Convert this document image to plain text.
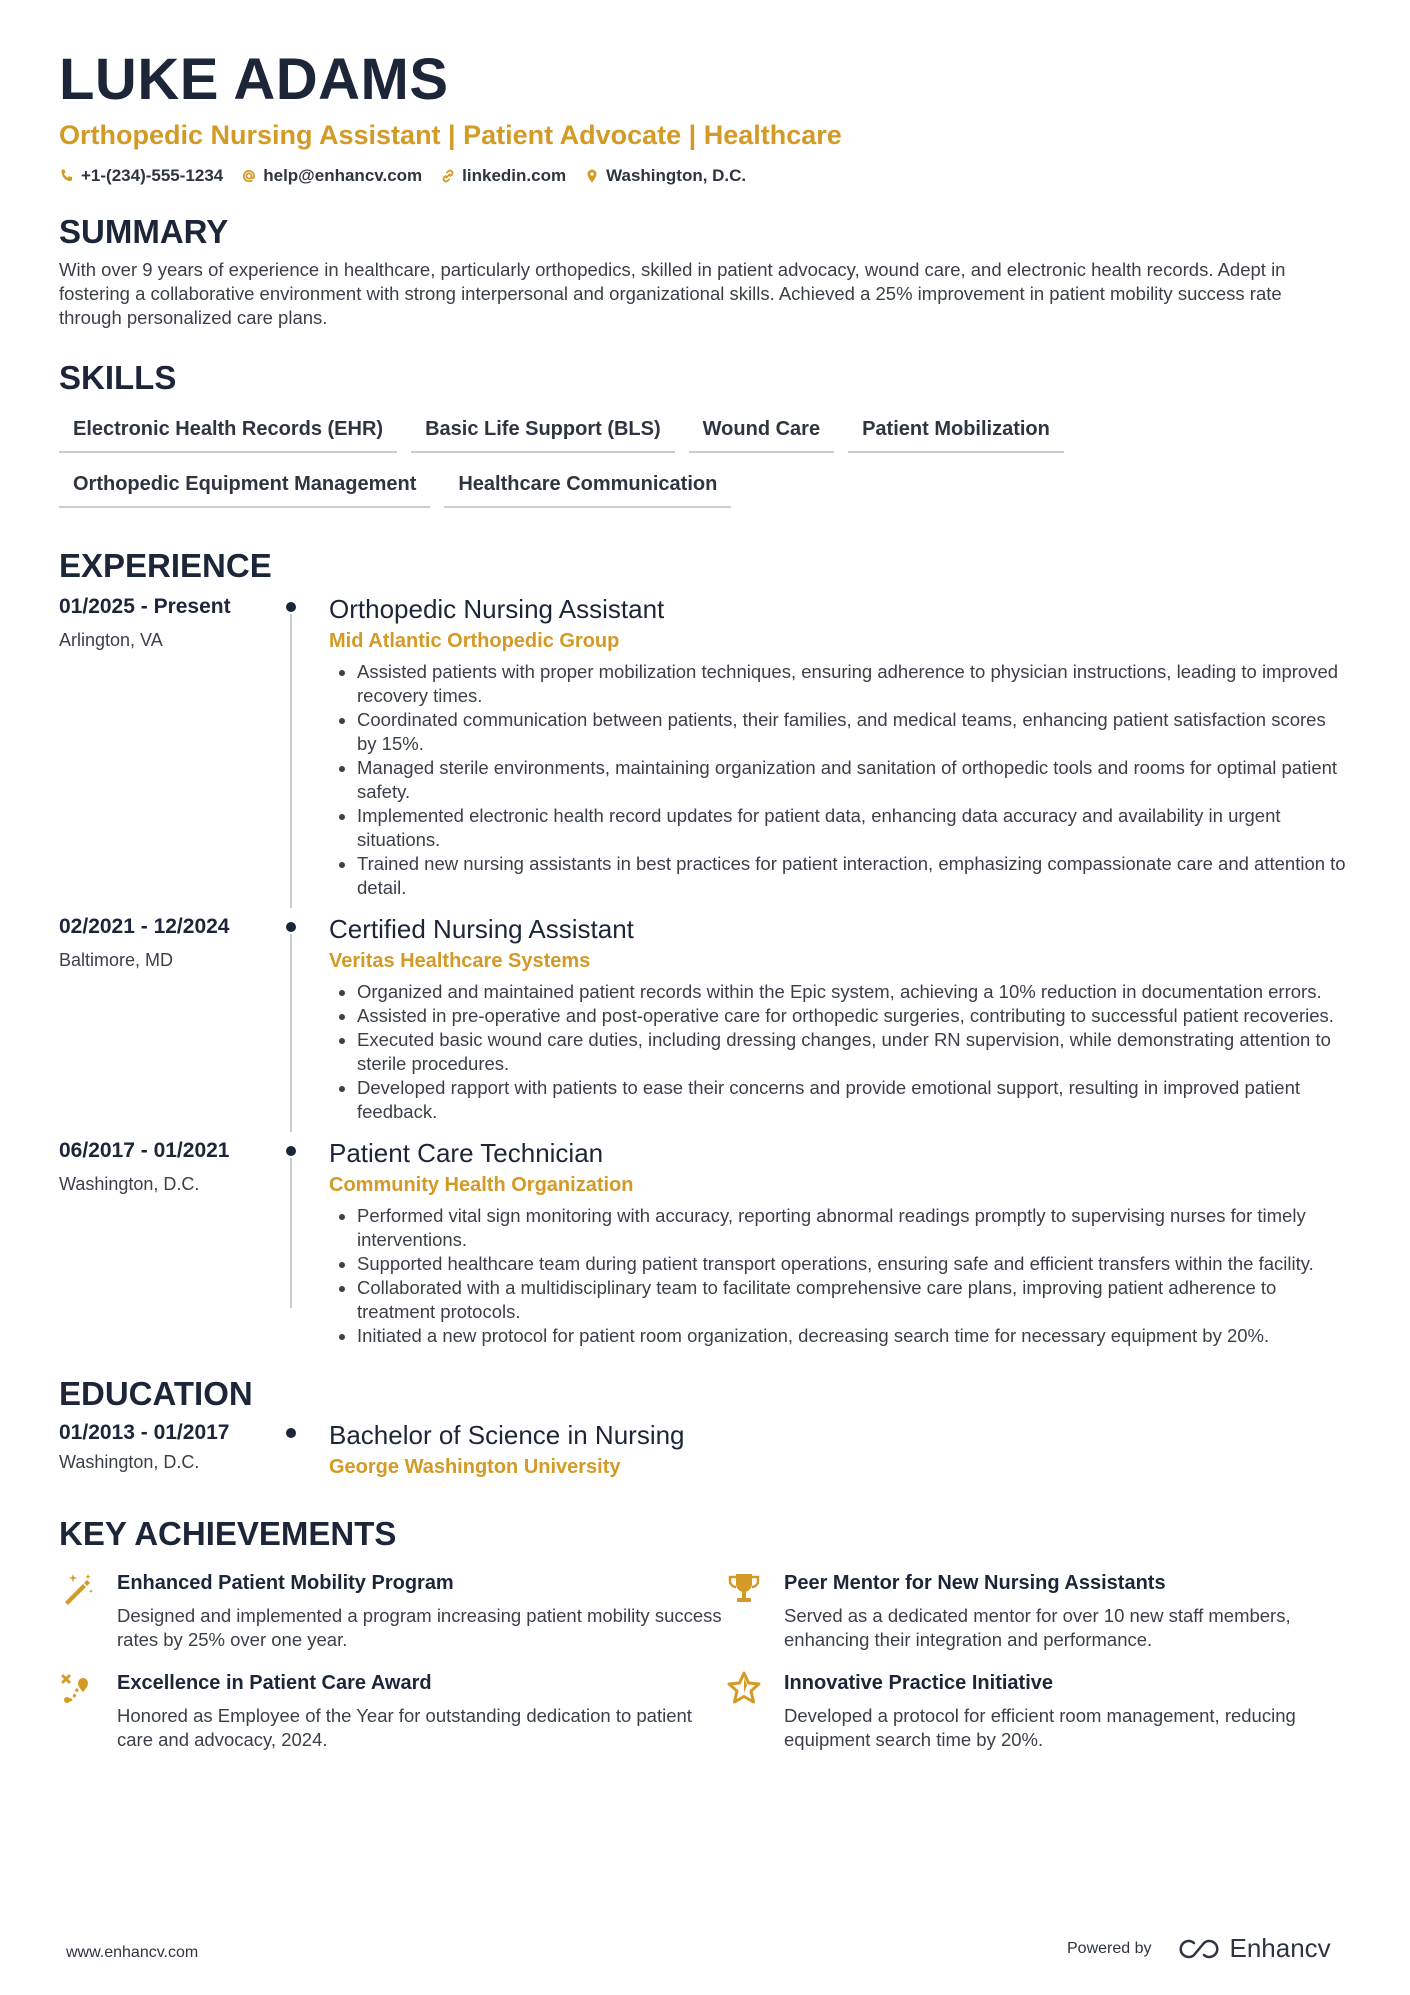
LUKE ADAMS
Orthopedic Nursing Assistant | Patient Advocate | Healthcare
+1-(234)-555-1234 help@enhancv.com linkedin.com Washington, D.C.
SUMMARY
With over 9 years of experience in healthcare, particularly orthopedics, skilled in patient advocacy, wound care, and electronic health records. Adept in fostering a collaborative environment with strong interpersonal and organizational skills. Achieved a 25% improvement in patient mobility success rate through personalized care plans.
SKILLS
Electronic Health Records (EHR)	Basic Life Support (BLS)	Wound Care	Patient Mobilization
Orthopedic Equipment Management	Healthcare Communication
EXPERIENCE
01/2025 - Present
Arlington, VA
Orthopedic Nursing Assistant
Mid Atlantic Orthopedic Group
• Assisted patients with proper mobilization techniques, ensuring adherence to physician instructions, leading to improved recovery times.
• Coordinated communication between patients, their families, and medical teams, enhancing patient satisfaction scores by 15%.
• Managed sterile environments, maintaining organization and sanitation of orthopedic tools and rooms for optimal patient safety.
• Implemented electronic health record updates for patient data, enhancing data accuracy and availability in urgent situations.
• Trained new nursing assistants in best practices for patient interaction, emphasizing compassionate care and attention to detail.
02/2021 - 12/2024
Baltimore, MD
Certified Nursing Assistant
Veritas Healthcare Systems
• Organized and maintained patient records within the Epic system, achieving a 10% reduction in documentation errors.
• Assisted in pre-operative and post-operative care for orthopedic surgeries, contributing to successful patient recoveries.
• Executed basic wound care duties, including dressing changes, under RN supervision, while demonstrating attention to sterile procedures.
• Developed rapport with patients to ease their concerns and provide emotional support, resulting in improved patient feedback.
06/2017 - 01/2021
Washington, D.C.
Patient Care Technician
Community Health Organization
• Performed vital sign monitoring with accuracy, reporting abnormal readings promptly to supervising nurses for timely interventions.
• Supported healthcare team during patient transport operations, ensuring safe and efficient transfers within the facility.
• Collaborated with a multidisciplinary team to facilitate comprehensive care plans, improving patient adherence to treatment protocols.
• Initiated a new protocol for patient room organization, decreasing search time for necessary equipment by 20%.
EDUCATION
01/2013 - 01/2017
Washington, D.C.
Bachelor of Science in Nursing
George Washington University
KEY ACHIEVEMENTS
Enhanced Patient Mobility Program
Designed and implemented a program increasing patient mobility success rates by 25% over one year.
Peer Mentor for New Nursing Assistants
Served as a dedicated mentor for over 10 new staff members, enhancing their integration and performance.
Excellence in Patient Care Award
Honored as Employee of the Year for outstanding dedication to patient care and advocacy, 2024.
Innovative Practice Initiative
Developed a protocol for efficient room management, reducing equipment search time by 20%.
www.enhancv.com	Powered by	Enhancv
